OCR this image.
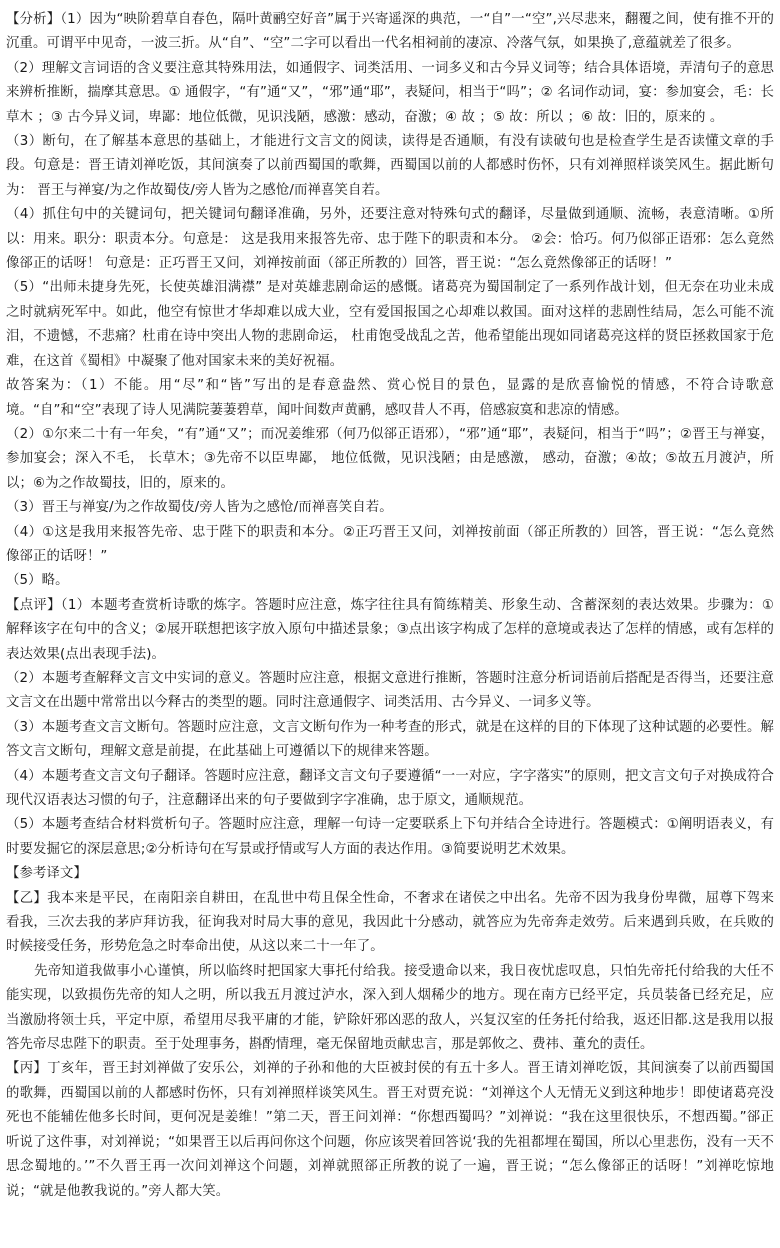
【分析】（1）因为“映阶碧草自春色，隔叶黄鹂空好音”属于兴寄遥深的典范，一“自”一“空”,兴尽悲来，翻覆之间，使有推不开的沉重。可谓平中见奇，一波三折。从“自”、“空”二字可以看出一代名相祠前的凄凉、冷落气氛，如果换了,意蕴就差了很多。

（2）理解文言词语的含义要注意其特殊用法，如通假字、词类活用、一词多义和古今异义词等；结合具体语境，弄清句子的意思来辨析推断，揣摩其意思。① 通假字，“有”通“又”，“邪”通“耶”，表疑问，相当于“吗”；② 名词作动词，宴：参加宴会，毛：长草木 ；③ 古今异义词，卑鄙：地位低微，见识浅陋，感激：感动，奋激；④ 故 ；⑤ 故：所以 ；⑥ 故：旧的，原来的 。

（3）断句，在了解基本意思的基础上，才能进行文言文的阅读，读得是否通顺，有没有读破句也是检查学生是否读懂文章的手段。句意是：晋王请刘禅吃饭，其间演奏了以前西蜀国的歌舞，西蜀国以前的人都感时伤怀，只有刘禅照样谈笑风生。据此断句为： 晋王与禅宴/为之作故蜀伎/旁人皆为之感怆/而禅喜笑自若。

（4）抓住句中的关键词句，把关键词句翻译准确，另外，还要注意对特殊句式的翻译，尽量做到通顺、流畅，表意清晰。①所以：用来。职分：职责本分。句意是： 这是我用来报答先帝、忠于陛下的职责和本分。 ②会：恰巧。何乃似郤正语邪：怎么竟然像郤正的话呀！ 句意是：正巧晋王又问，刘禅按前面（郤正所教的）回答，晋王说：“怎么竟然像郤正的话呀！”

（5）“出师未捷身先死，长使英雄泪满襟” 是对英雄悲剧命运的感慨。诸葛亮为蜀国制定了一系列作战计划，但无奈在功业未成之时就病死军中。如此，他空有惊世才华却难以成大业，空有爱国报国之心却难以救国。面对这样的悲剧性结局，怎么可能不流泪，不遗憾，不悲痛？杜甫在诗中突出人物的悲剧命运， 杜甫饱受战乱之苦，他希望能出现如同诸葛亮这样的贤臣拯救国家于危难，在这首《蜀相》中凝聚了他对国家未来的美好祝福。

故答案为：（1）不能。用“尽”和“皆”写出的是春意盎然、赏心悦目的景色，显露的是欣喜愉悦的情感，不符合诗歌意境。“自”和“空”表现了诗人见满院萋萋碧草，闻叶间数声黄鹂，感叹昔人不再，倍感寂寞和悲凉的情感。

（2）①尔来二十有一年矣，“有”通“又”；而况姜维邪（何乃似郤正语邪），“邪”通“耶”，表疑问，相当于“吗”；②晋王与禅宴， 参加宴会；深入不毛， 长草木；③先帝不以臣卑鄙， 地位低微，见识浅陋；由是感激， 感动，奋激；④故；⑤故五月渡泸，所以；⑥为之作故蜀技，旧的，原来的。

（3）晋王与禅宴/为之作故蜀伎/旁人皆为之感怆/而禅喜笑自若。

（4）①这是我用来报答先帝、忠于陛下的职责和本分。②正巧晋王又问，刘禅按前面（郤正所教的）回答，晋王说：“怎么竟然像郤正的话呀！”

（5）略。

【点评】（1）本题考查赏析诗歌的炼字。答题时应注意，炼字往往具有简练精美、形象生动、含蓄深刻的表达效果。步骤为：①解释该字在句中的含义；②展开联想把该字放入原句中描述景象；③点出该字构成了怎样的意境或表达了怎样的情感，或有怎样的表达效果(点出表现手法)。

（2）本题考查解释文言文中实词的意义。答题时应注意，根据文意进行推断，答题时注意分析词语前后搭配是否得当，还要注意文言文在出题中常常出以今释古的类型的题。同时注意通假字、词类活用、古今异义、一词多义等。

（3）本题考查文言文断句。答题时应注意，文言文断句作为一种考查的形式，就是在这样的目的下体现了这种试题的必要性。解答文言文断句，理解文意是前提，在此基础上可遵循以下的规律来答题。

（4）本题考查文言文句子翻译。答题时应注意，翻译文言文句子要遵循“一一对应，字字落实”的原则，把文言文句子对换成符合现代汉语表达习惯的句子，注意翻译出来的句子要做到字字准确，忠于原文，通顺规范。

（5）本题考查结合材料赏析句子。答题时应注意，理解一句诗一定要联系上下句并结合全诗进行。答题模式：①阐明语表义，有时要发掘它的深层意思;②分析诗句在写景或抒情或写人方面的表达作用。③简要说明艺术效果。

【参考译文】

【乙】我本来是平民，在南阳亲自耕田，在乱世中苟且保全性命，不奢求在诸侯之中出名。先帝不因为我身份卑微，屈尊下驾来看我，三次去我的茅庐拜访我，征询我对时局大事的意见，我因此十分感动，就答应为先帝奔走效劳。后来遇到兵败，在兵败的时候接受任务，形势危急之时奉命出使，从这以来二十一年了。

先帝知道我做事小心谨慎，所以临终时把国家大事托付给我。接受遗命以来，我日夜忧虑叹息，只怕先帝托付给我的大任不能实现，以致损伤先帝的知人之明，所以我五月渡过泸水，深入到人烟稀少的地方。现在南方已经平定，兵员装备已经充足，应当激励将领士兵，平定中原，希望用尽我平庸的才能，铲除奸邪凶恶的敌人，兴复汉室的任务托付给我，返还旧都.这是我用以报答先帝尽忠陛下的职责。至于处理事务，斟酌情理，毫无保留地贡献忠言，那是郭攸之、费祎、董允的责任。

【丙】丁亥年，晋王封刘禅做了安乐公，刘禅的子孙和他的大臣被封侯的有五十多人。晋王请刘禅吃饭，其间演奏了以前西蜀国的歌舞，西蜀国以前的人都感时伤怀，只有刘禅照样谈笑风生。晋王对贾充说：“刘禅这个人无情无义到这种地步！即使诸葛亮没死也不能辅佐他多长时间，更何况是姜维！”第二天，晋王问刘禅：“你想西蜀吗？”刘禅说：“我在这里很快乐，不想西蜀。”郤正听说了这件事，对刘禅说；“如果晋王以后再问你这个问题，你应该哭着回答说‘我的先祖都埋在蜀国，所以心里悲伤，没有一天不思念蜀地的。’”不久晋王再一次问刘禅这个问题，刘禅就照郤正所教的说了一遍，晋王说；“怎么像郤正的话呀！”刘禅吃惊地说；“就是他教我说的。”旁人都大笑。
